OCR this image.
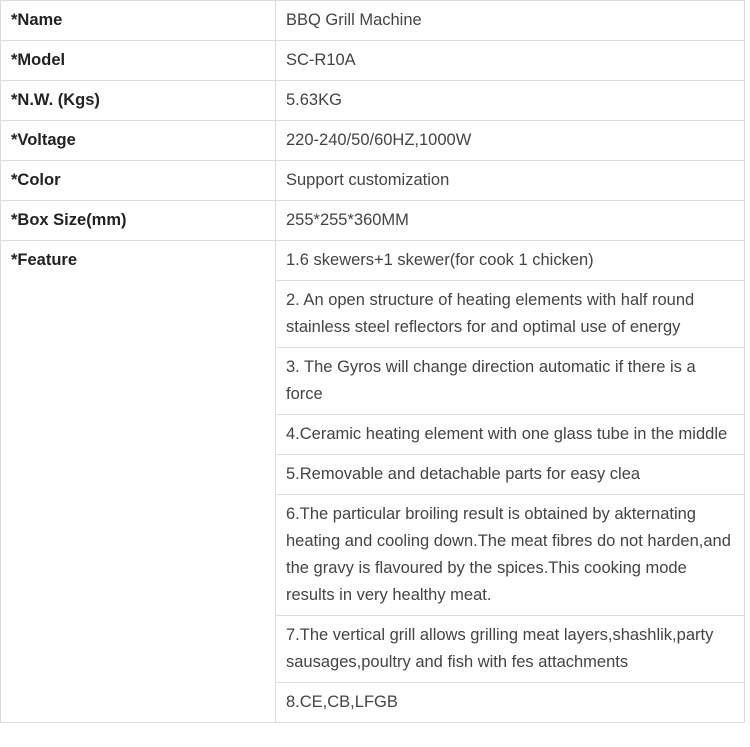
*Name	BBQ Grill Machine
*Model	SC-R10A
*N.W. (Kgs)	5.63KG
*Voltage	220-240/50/60HZ,1000W
*Color	Support customization
*Box Size(mm)	255*255*360MM
*Feature	1.6 skewers+1 skewer(for cook 1 chicken)
	2. An open structure of heating elements with half round stainless steel reflectors for and optimal use of energy
	3. The Gyros will change direction automatic if there is a force
	4.Ceramic heating element with one glass tube in the middle
	5.Removable and detachable parts for easy clea
	6.The particular broiling result is obtained by akternating heating and cooling down.The meat fibres do not harden,and the gravy is flavoured by the spices.This cooking mode results in very healthy meat.
	7.The vertical grill allows grilling meat layers,shashlik,party sausages,poultry and fish with fes attachments
	8.CE,CB,LFGB
